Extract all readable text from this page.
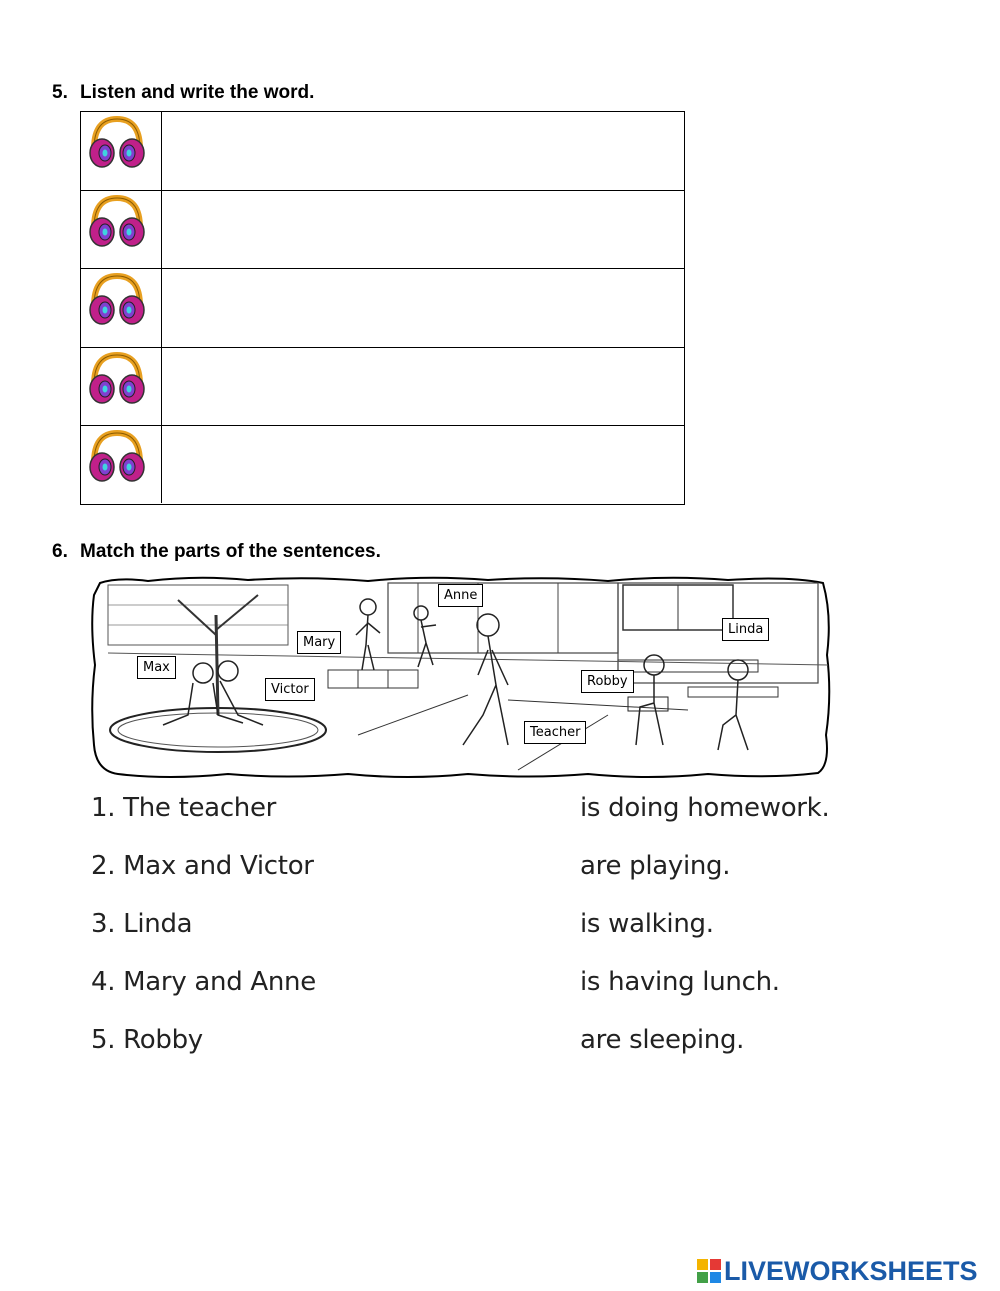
5. Listen and write the word.
6. Match the parts of the sentences.
Anne
Mary
Linda
Max
Victor
Robby
Teacher
1. The teacher
2. Max and Victor
3. Linda
4. Mary and Anne
5. Robby
is doing homework.
are playing.
is walking.
is having lunch.
are sleeping.
LIVEWORKSHEETS
